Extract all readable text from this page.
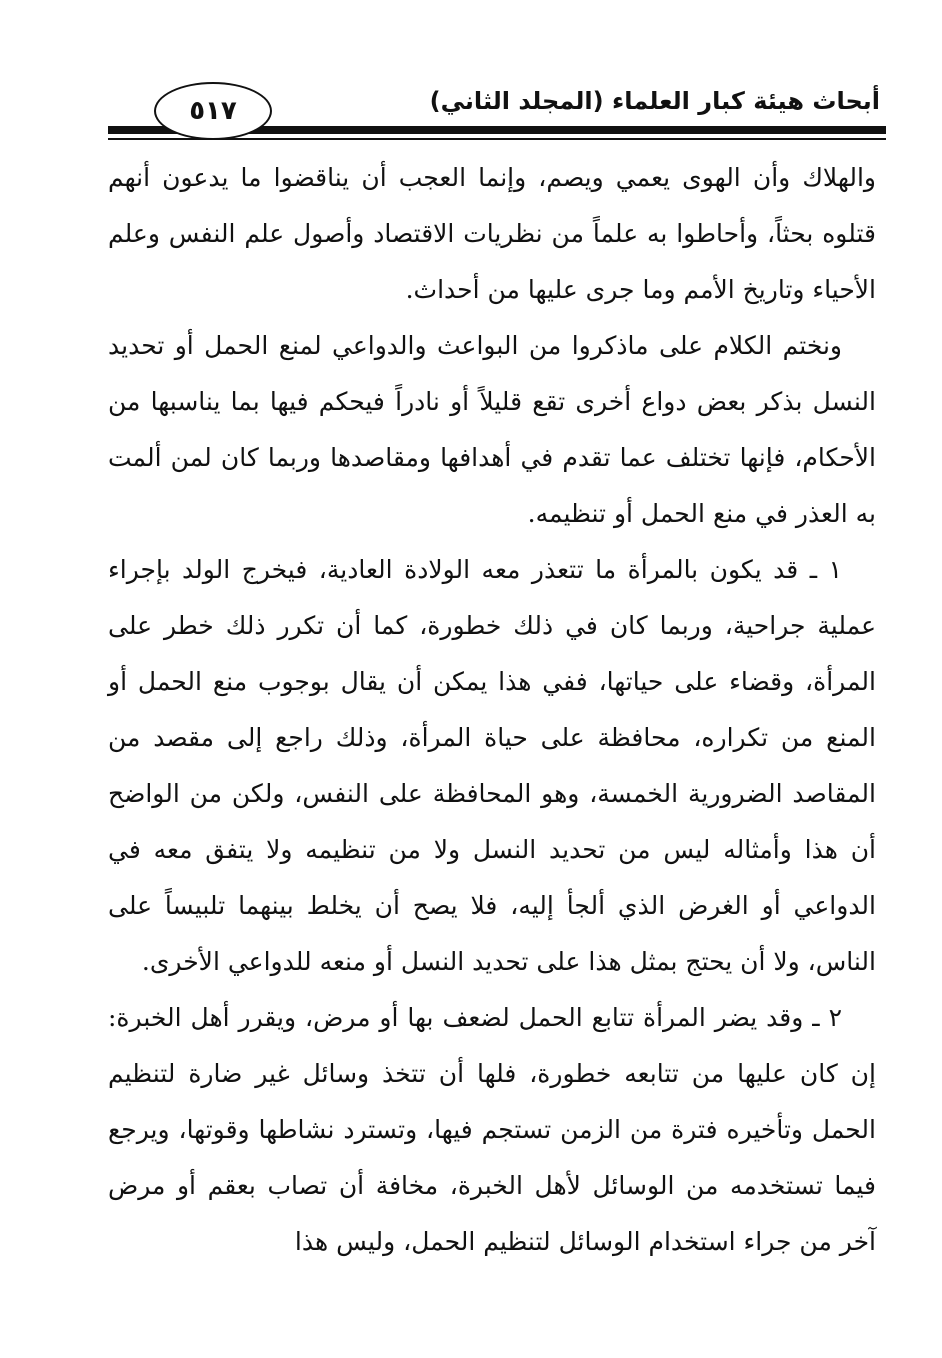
أبحاث هيئة كبار العلماء (المجلد الثاني)
٥١٧

والهلاك وأن الهوى يعمي ويصم، وإنما العجب أن يناقضوا ما يدعون أنهم قتلوه بحثاً، وأحاطوا به علماً من نظريات الاقتصاد وأصول علم النفس وعلم الأحياء وتاريخ الأمم وما جرى عليها من أحداث.

ونختم الكلام على ماذكروا من البواعث والدواعي لمنع الحمل أو تحديد النسل بذكر بعض دواع أخرى تقع قليلاً أو نادراً فيحكم فيها بما يناسبها من الأحكام، فإنها تختلف عما تقدم في أهدافها ومقاصدها وربما كان لمن ألمت به العذر في منع الحمل أو تنظيمه.

١ ـ قد يكون بالمرأة ما تتعذر معه الولادة العادية، فيخرج الولد بإجراء عملية جراحية، وربما كان في ذلك خطورة، كما أن تكرر ذلك خطر على المرأة، وقضاء على حياتها، ففي هذا يمكن أن يقال بوجوب منع الحمل أو المنع من تكراره، محافظة على حياة المرأة، وذلك راجع إلى مقصد من المقاصد الضرورية الخمسة، وهو المحافظة على النفس، ولكن من الواضح أن هذا وأمثاله ليس من تحديد النسل ولا من تنظيمه ولا يتفق معه في الدواعي أو الغرض الذي ألجأ إليه، فلا يصح أن يخلط بينهما تلبيساً على الناس، ولا أن يحتج بمثل هذا على تحديد النسل أو منعه للدواعي الأخرى.

٢ ـ وقد يضر المرأة تتابع الحمل لضعف بها أو مرض، ويقرر أهل الخبرة: إن كان عليها من تتابعه خطورة، فلها أن تتخذ وسائل غير ضارة لتنظيم الحمل وتأخيره فترة من الزمن تستجم فيها، وتسترد نشاطها وقوتها، ويرجع فيما تستخدمه من الوسائل لأهل الخبرة، مخافة أن تصاب بعقم أو مرض آخر من جراء استخدام الوسائل لتنظيم الحمل، وليس هذا
